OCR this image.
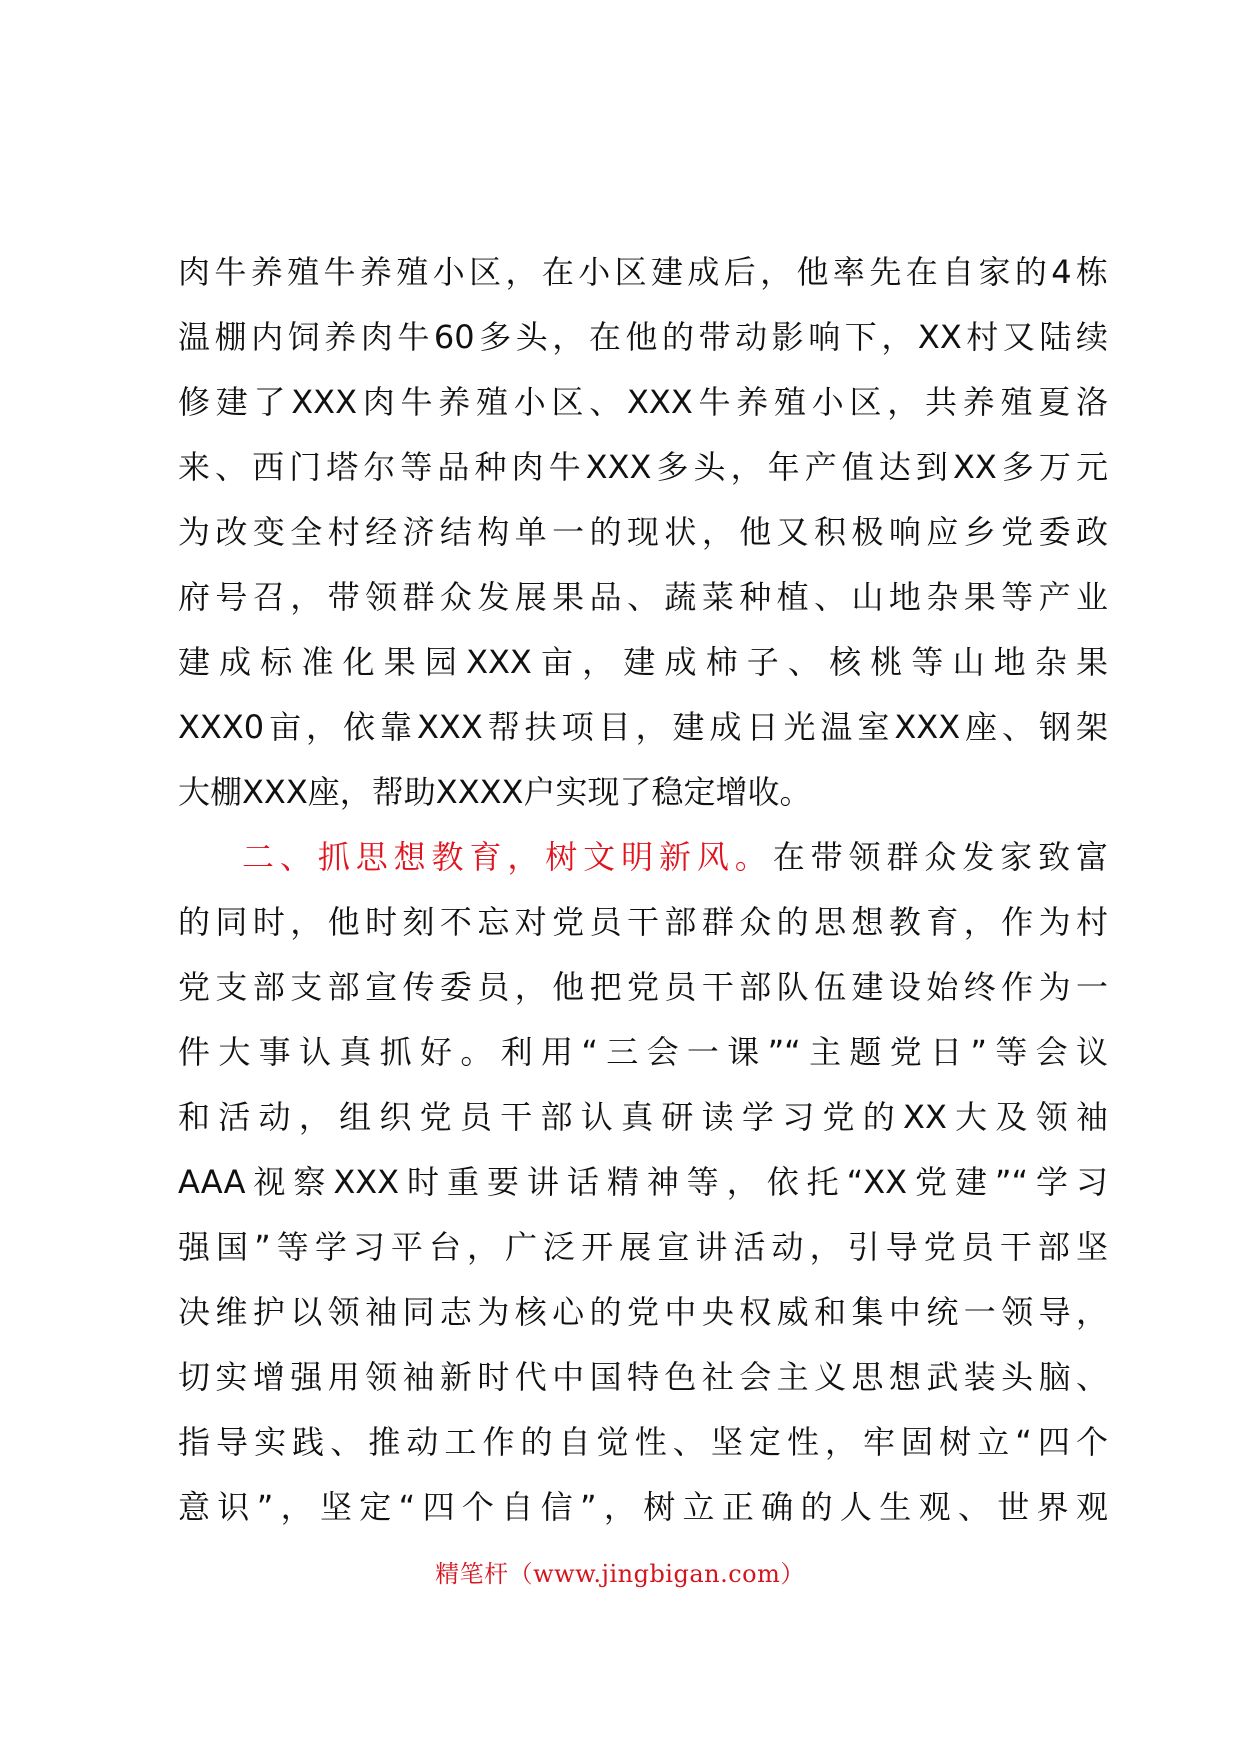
肉牛养殖牛养殖小区，在小区建成后，他率先在自家的4栋
温棚内饲养肉牛60多头，在他的带动影响下，XX村又陆续
修建了XXX肉牛养殖小区、XXX牛养殖小区，共养殖夏洛
来、西门塔尔等品种肉牛XXX多头，年产值达到XX多万元
为改变全村经济结构单一的现状，他又积极响应乡党委政
府号召，带领群众发展果品、蔬菜种植、山地杂果等产业
建成标准化果园XXX亩，建成柿子、核桃等山地杂果
XXX0亩，依靠XXX帮扶项目，建成日光温室XXX座、钢架
大棚XXX座，帮助XXXX户实现了稳定增收。
二、抓思想教育，树文明新风。在带领群众发家致富
的同时，他时刻不忘对党员干部群众的思想教育，作为村
党支部支部宣传委员，他把党员干部队伍建设始终作为一
件大事认真抓好。利用“三会一课”“主题党日”等会议
和活动，组织党员干部认真研读学习党的XX大及领袖
AAA视察XXX时重要讲话精神等，依托“XX党建”“学习
强国”等学习平台，广泛开展宣讲活动，引导党员干部坚
决维护以领袖同志为核心的党中央权威和集中统一领导，
切实增强用领袖新时代中国特色社会主义思想武装头脑、
指导实践、推动工作的自觉性、坚定性，牢固树立“四个
意识”，坚定“四个自信”，树立正确的人生观、世界观
精笔杆（www.jingbigan.com）
